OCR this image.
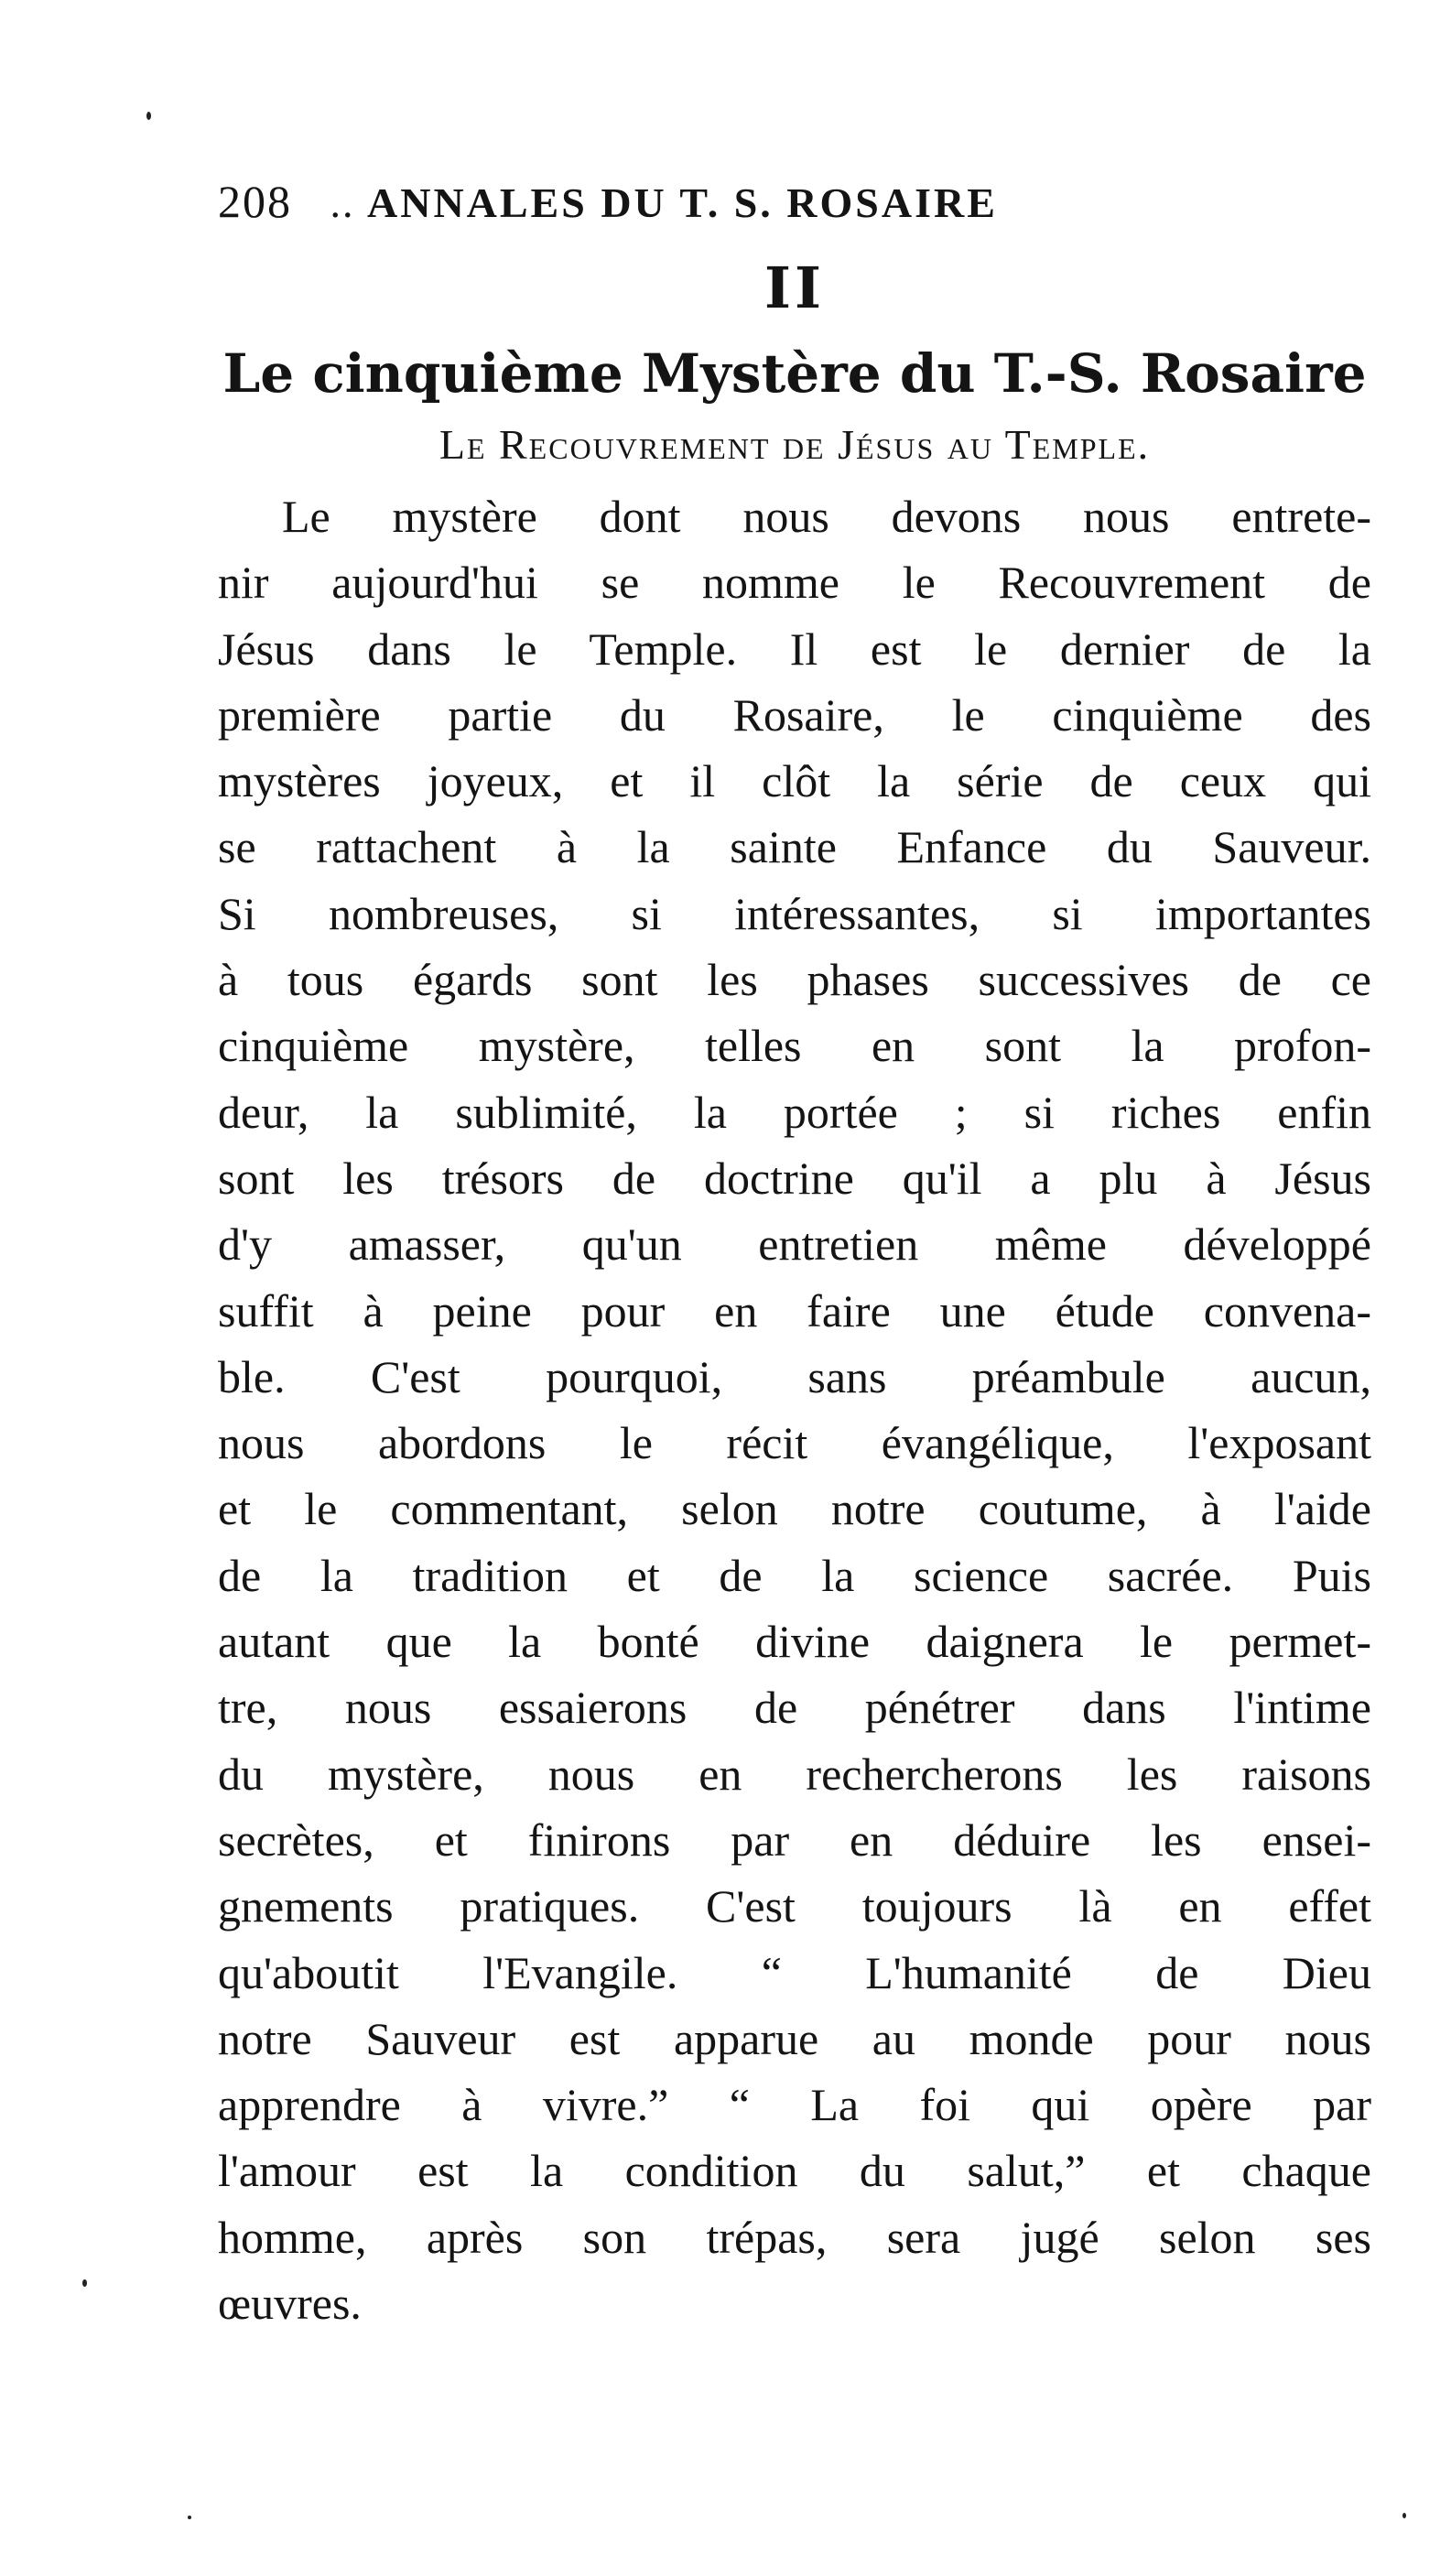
208 .. ANNALES DU T. S. ROSAIRE
II
Le cinquième Mystère du T.-S. Rosaire
Le Recouvrement de Jésus au Temple.
Le mystère dont nous devons nous entrete-
nir aujourd'hui se nomme le Recouvrement de
Jésus dans le Temple. Il est le dernier de la
première partie du Rosaire, le cinquième des
mystères joyeux, et il clôt la série de ceux qui
se rattachent à la sainte Enfance du Sauveur.
Si nombreuses, si intéressantes, si importantes
à tous égards sont les phases successives de ce
cinquième mystère, telles en sont la profon-
deur, la sublimité, la portée ; si riches enfin
sont les trésors de doctrine qu'il a plu à Jésus
d'y amasser, qu'un entretien même développé
suffit à peine pour en faire une étude convena-
ble. C'est pourquoi, sans préambule aucun,
nous abordons le récit évangélique, l'exposant
et le commentant, selon notre coutume, à l'aide
de la tradition et de la science sacrée. Puis
autant que la bonté divine daignera le permet-
tre, nous essaierons de pénétrer dans l'intime
du mystère, nous en rechercherons les raisons
secrètes, et finirons par en déduire les ensei-
gnements pratiques. C'est toujours là en effet
qu'aboutit l'Evangile. “ L'humanité de Dieu
notre Sauveur est apparue au monde pour nous
apprendre à vivre.” “ La foi qui opère par
l'amour est la condition du salut,” et chaque
homme, après son trépas, sera jugé selon ses
œuvres.
